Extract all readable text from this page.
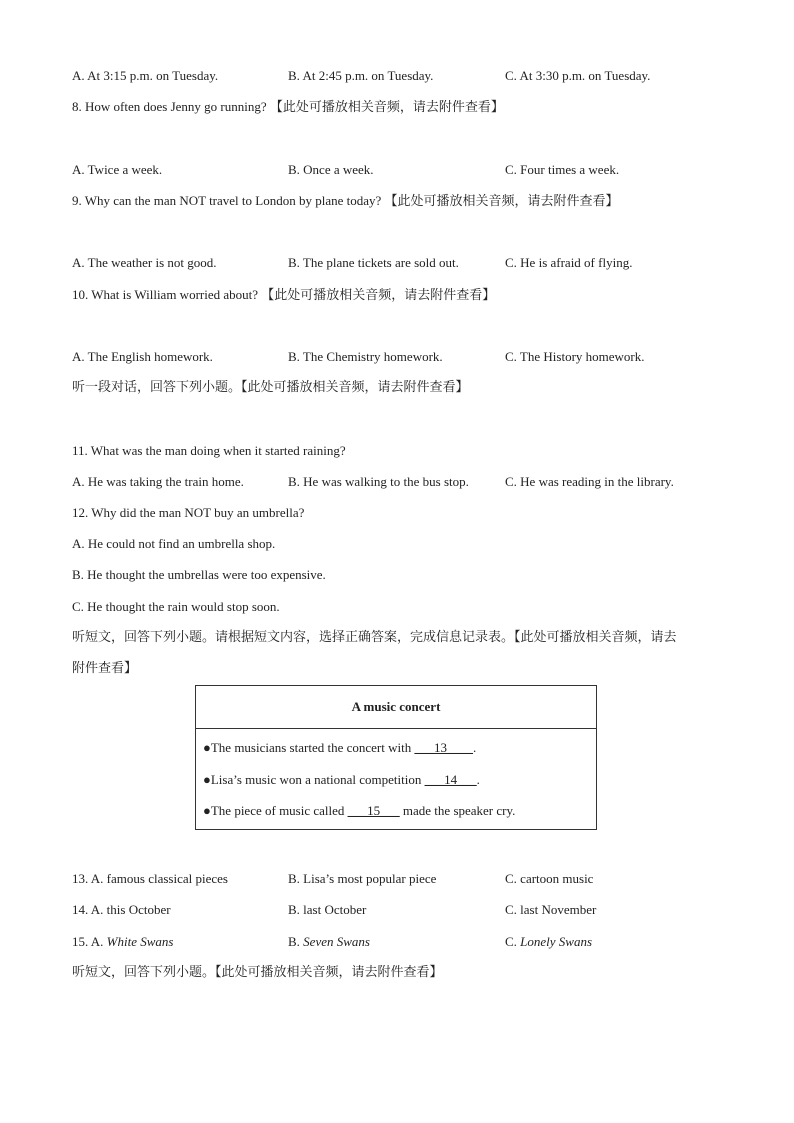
A. At 3:15 p.m. on Tuesday.	B. At 2:45 p.m. on Tuesday.	C. At 3:30 p.m. on Tuesday.
8. How often does Jenny go running? 【此处可播放相关音频，请去附件查看】
A. Twice a week.	B. Once a week.	C. Four times a week.
9. Why can the man NOT travel to London by plane today? 【此处可播放相关音频，请去附件查看】
A. The weather is not good.	B. The plane tickets are sold out.	C. He is afraid of flying.
10. What is William worried about? 【此处可播放相关音频，请去附件查看】
A. The English homework.	B. The Chemistry homework.	C. The History homework.
听一段对话，回答下列小题。【此处可播放相关音频，请去附件查看】
11. What was the man doing when it started raining?
A. He was taking the train home.	B. He was walking to the bus stop.	C. He was reading in the library.
12. Why did the man NOT buy an umbrella?
A. He could not find an umbrella shop.
B. He thought the umbrellas were too expensive.
C. He thought the rain would stop soon.
听短文，回答下列小题。请根据短文内容，选择正确答案，完成信息记录表。【此处可播放相关音频，请去
附件查看】
A music concert
●The musicians started the concert with ___13____.
●Lisa’s music won a national competition ___14___.
●The piece of music called ___15___ made the speaker cry.
13. A. famous classical pieces	B. Lisa’s most popular piece	C. cartoon music
14. A. this October	B. last October	C. last November
15. A. White Swans	B. Seven Swans	C. Lonely Swans
听短文，回答下列小题。【此处可播放相关音频，请去附件查看】
